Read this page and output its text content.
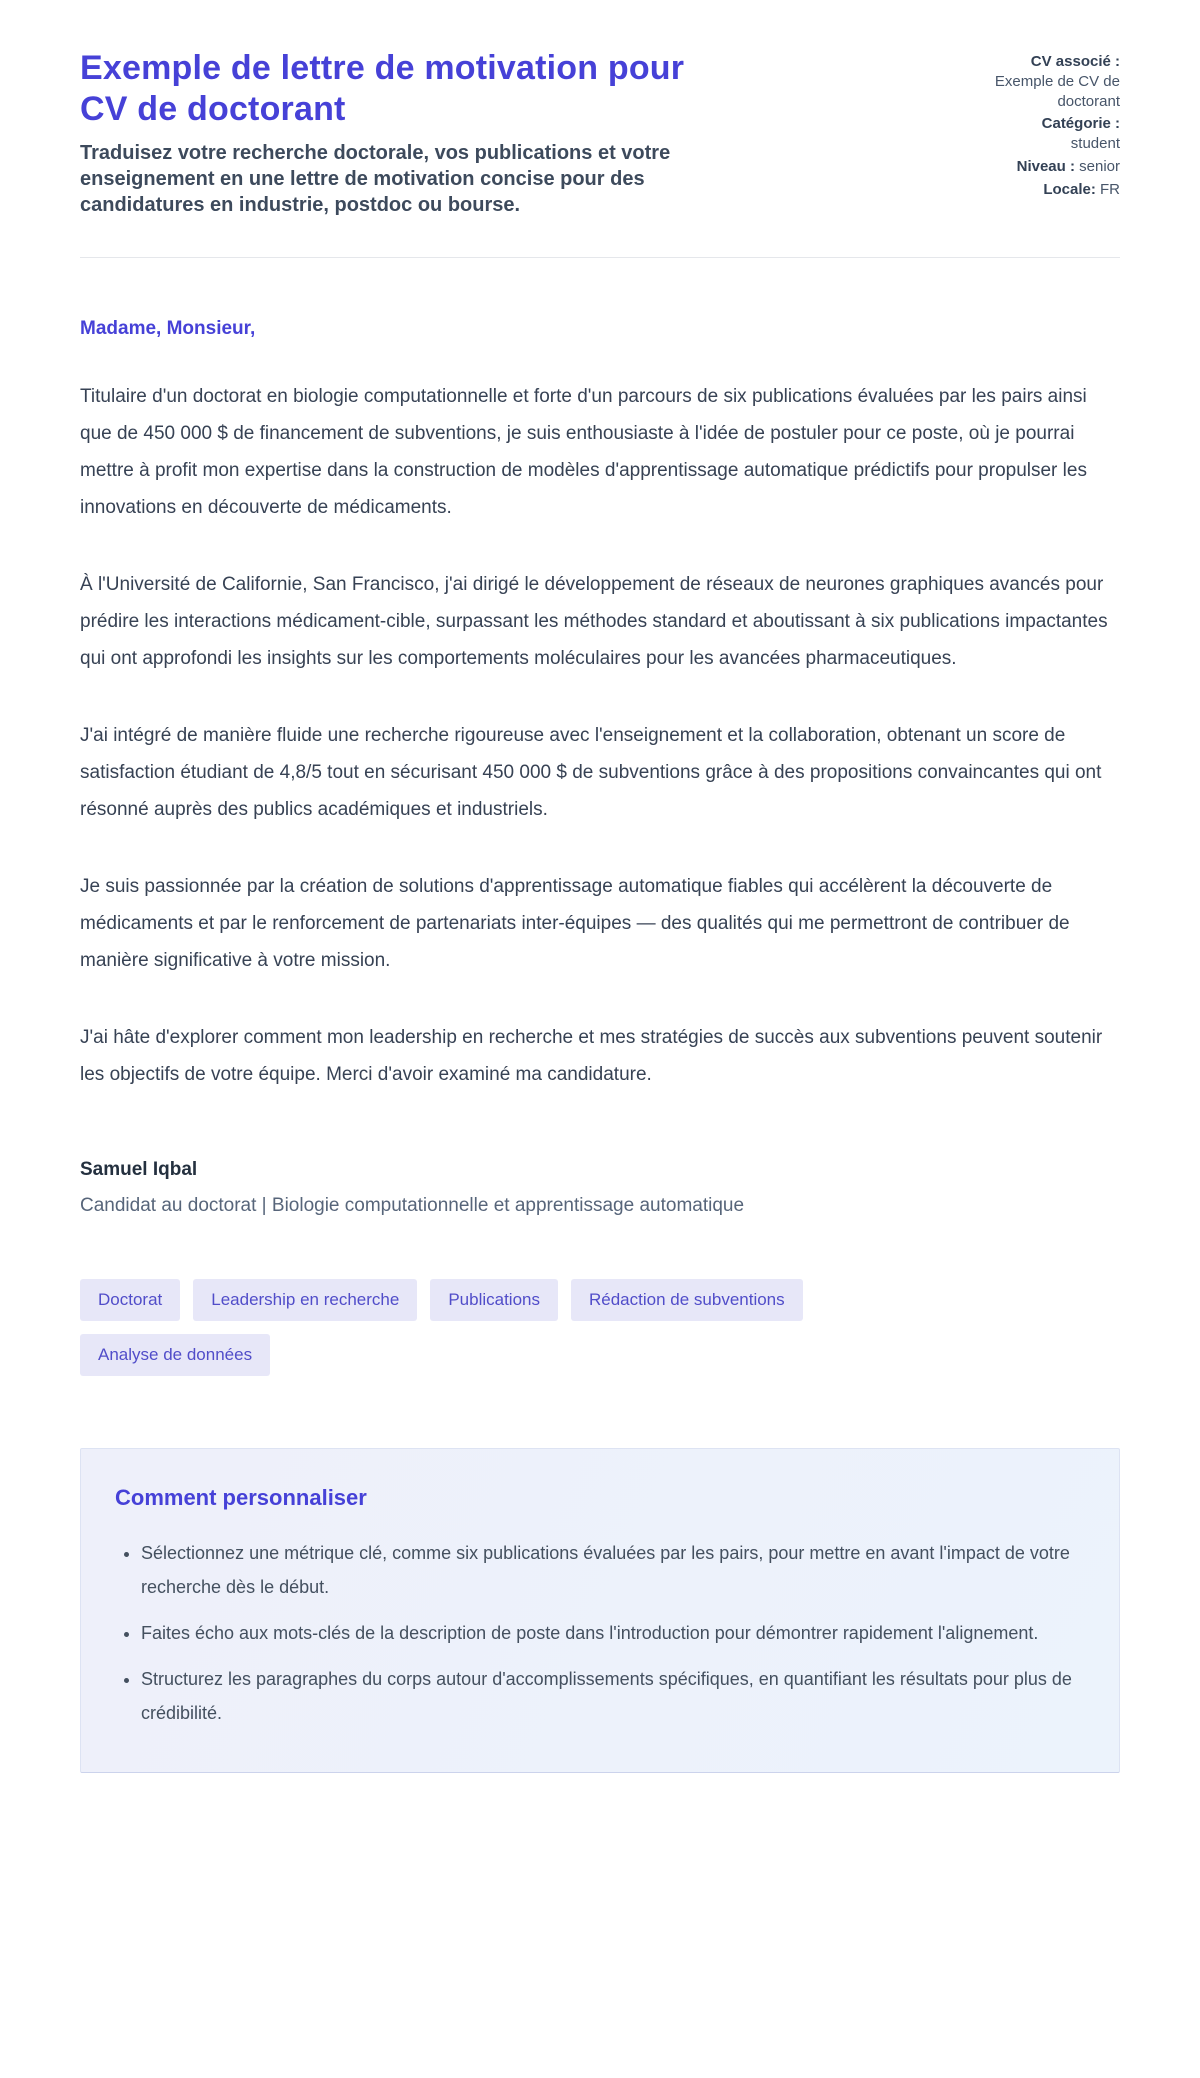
Exemple de lettre de motivation pour CV de doctorant

Traduisez votre recherche doctorale, vos publications et votre enseignement en une lettre de motivation concise pour des candidatures en industrie, postdoc ou bourse.

CV associé : Exemple de CV de doctorant
Catégorie : student
Niveau : senior
Locale: FR

Madame, Monsieur,

Titulaire d'un doctorat en biologie computationnelle et forte d'un parcours de six publications évaluées par les pairs ainsi que de 450 000 $ de financement de subventions, je suis enthousiaste à l'idée de postuler pour ce poste, où je pourrai mettre à profit mon expertise dans la construction de modèles d'apprentissage automatique prédictifs pour propulser les innovations en découverte de médicaments.

À l'Université de Californie, San Francisco, j'ai dirigé le développement de réseaux de neurones graphiques avancés pour prédire les interactions médicament-cible, surpassant les méthodes standard et aboutissant à six publications impactantes qui ont approfondi les insights sur les comportements moléculaires pour les avancées pharmaceutiques.

J'ai intégré de manière fluide une recherche rigoureuse avec l'enseignement et la collaboration, obtenant un score de satisfaction étudiant de 4,8/5 tout en sécurisant 450 000 $ de subventions grâce à des propositions convaincantes qui ont résonné auprès des publics académiques et industriels.

Je suis passionnée par la création de solutions d'apprentissage automatique fiables qui accélèrent la découverte de médicaments et par le renforcement de partenariats inter-équipes — des qualités qui me permettront de contribuer de manière significative à votre mission.

J'ai hâte d'explorer comment mon leadership en recherche et mes stratégies de succès aux subventions peuvent soutenir les objectifs de votre équipe. Merci d'avoir examiné ma candidature.

Samuel Iqbal

Candidat au doctorat | Biologie computationnelle et apprentissage automatique

Doctorat	Leadership en recherche	Publications	Rédaction de subventions
Analyse de données
Comment personnaliser
• Sélectionnez une métrique clé, comme six publications évaluées par les pairs, pour mettre en avant l'impact de votre recherche dès le début.
• Faites écho aux mots-clés de la description de poste dans l'introduction pour démontrer rapidement l'alignement.
• Structurez les paragraphes du corps autour d'accomplissements spécifiques, en quantifiant les résultats pour plus de crédibilité.
